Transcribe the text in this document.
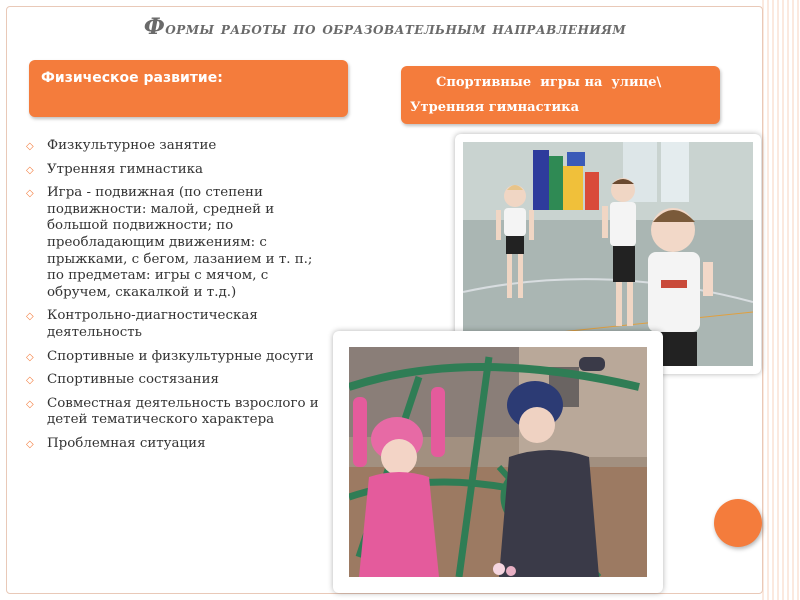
Формы работы по образовательным направлениям
Физическое развитие:	Спортивные  игры на  улице\
Утренняя гимнастика
◇ Физкультурное занятие
◇ Утренняя гимнастика
◇ Игра - подвижная (по степени подвижности: малой, средней и большой подвижности; по преобладающим движениям: с прыжками, с бегом, лазанием и т. п.; по предметам: игры с мячом, с обручем, скакалкой и т.д.)
◇ Контрольно-диагностическая деятельность
◇ Спортивные и физкультурные досуги
◇ Спортивные состязания
◇ Совместная деятельность взрослого и детей тематического характера
◇ Проблемная ситуация
